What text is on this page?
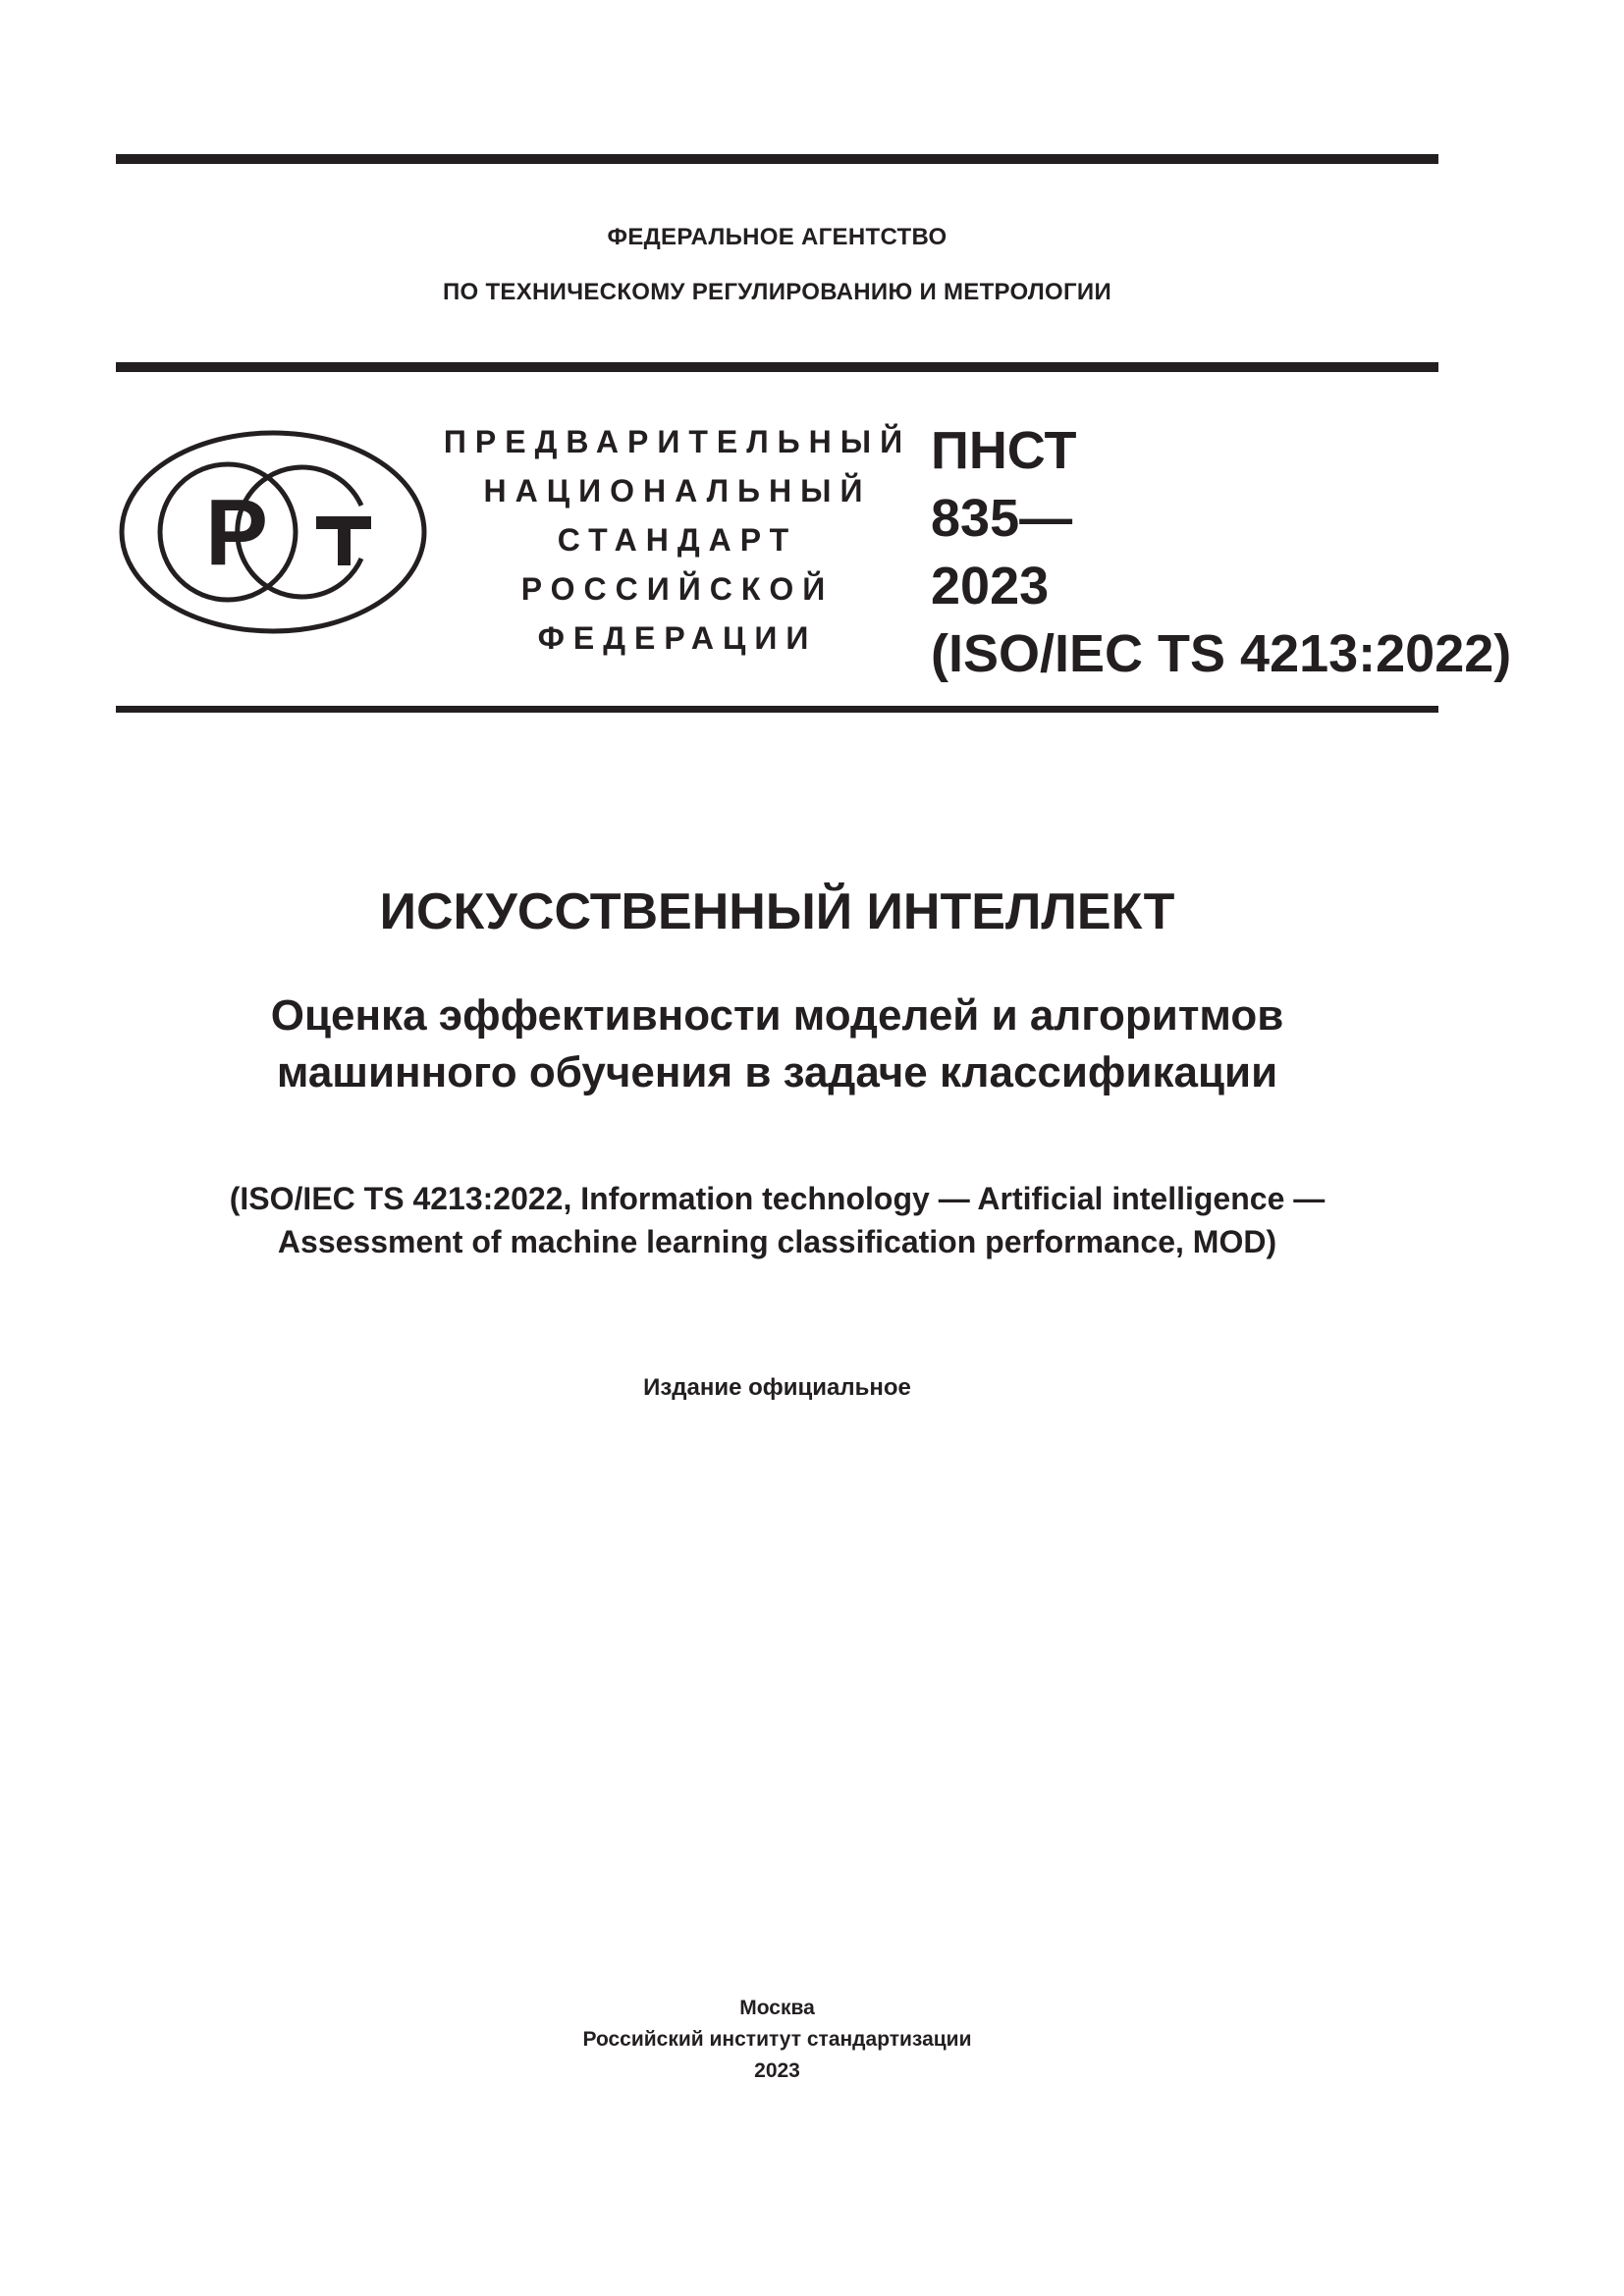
ФЕДЕРАЛЬНОЕ АГЕНТСТВО
ПО ТЕХНИЧЕСКОМУ РЕГУЛИРОВАНИЮ И МЕТРОЛОГИИ
Р
ПРЕДВАРИТЕЛЬНЫЙ
НАЦИОНАЛЬНЫЙ
СТАНДАРТ
РОССИЙСКОЙ
ФЕДЕРАЦИИ
ПНСТ
835—
2023
(ISO/IEC TS 4213:2022)
ИСКУССТВЕННЫЙ ИНТЕЛЛЕКТ
Оценка эффективности моделей и алгоритмов
машинного обучения в задаче классификации
(ISO/IEC TS 4213:2022, Information technology — Artificial intelligence —
Assessment of machine learning classification performance, MOD)
Издание официальное
Москва
Российский институт стандартизации
2023
